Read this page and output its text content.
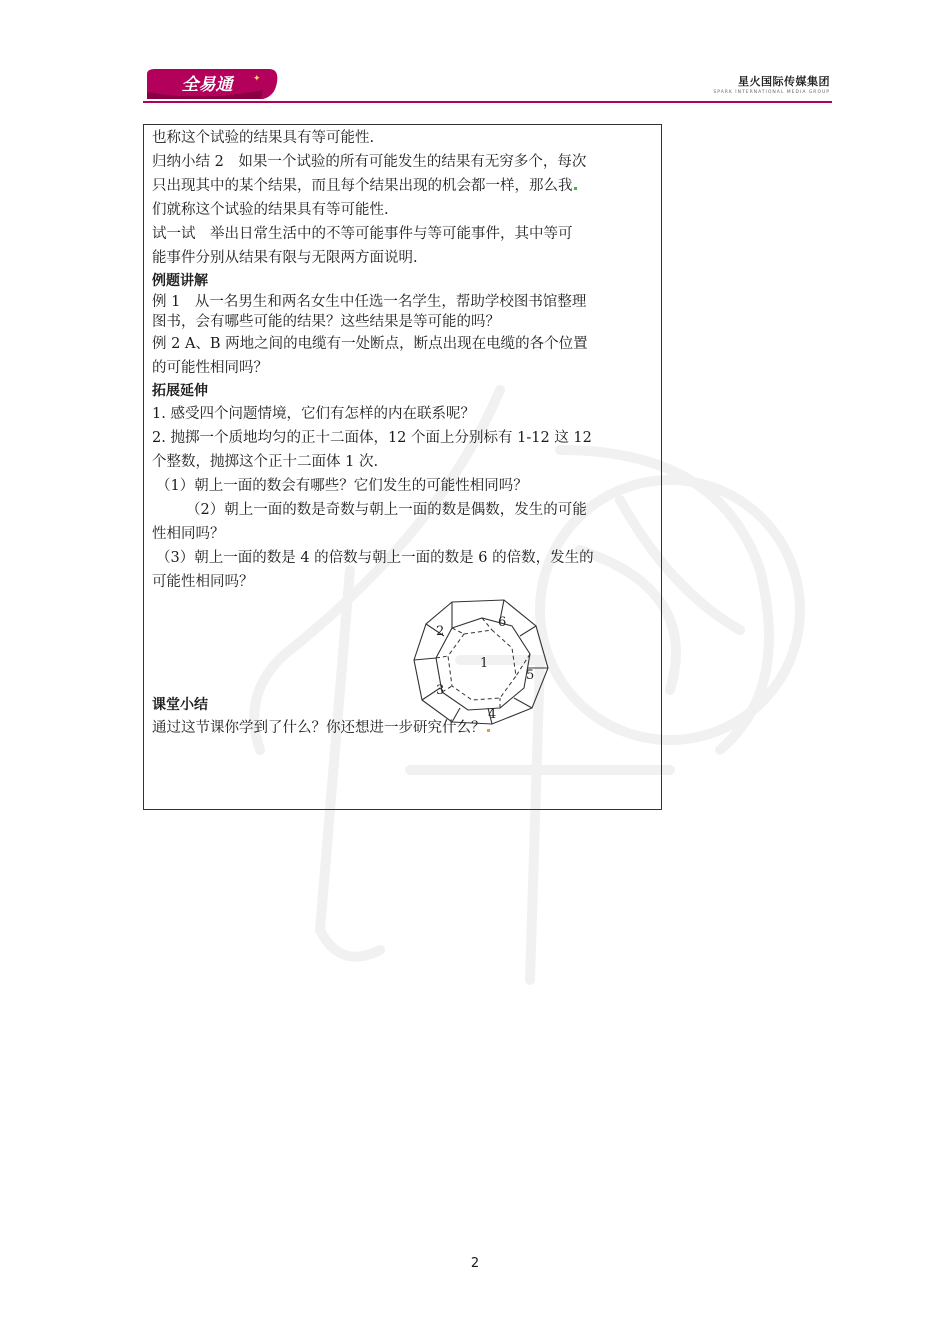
全易通 ✦	星火国际传媒集团
SPARK INTERNATIONAL MEDIA GROUP
也称这个试验的结果具有等可能性.
归纳小结 2　如果一个试验的所有可能发生的结果有无穷多个，每次
只出现其中的某个结果，而且每个结果出现的机会都一样，那么我
们就称这个试验的结果具有等可能性.
试一试　举出日常生活中的不等可能事件与等可能事件，其中等可
能事件分别从结果有限与无限两方面说明.
例题讲解
例 1　从一名男生和两名女生中任选一名学生，帮助学校图书馆整理
图书，会有哪些可能的结果？这些结果是等可能的吗？
例 2 A、B 两地之间的电缆有一处断点，断点出现在电缆的各个位置
的可能性相同吗？
拓展延伸
1. 感受四个问题情境，它们有怎样的内在联系呢？
2. 抛掷一个质地均匀的正十二面体，12 个面上分别标有 1-12 这 12
个整数，抛掷这个正十二面体 1 次.
（1）朝上一面的数会有哪些？它们发生的可能性相同吗？
（2）朝上一面的数是奇数与朝上一面的数是偶数，发生的可能
性相同吗？
（3）朝上一面的数是 4 的倍数与朝上一面的数是 6 的倍数，发生的
可能性相同吗？
课堂小结
通过这节课你学到了什么？你还想进一步研究什么？
1
2
3
4
5
6
2
